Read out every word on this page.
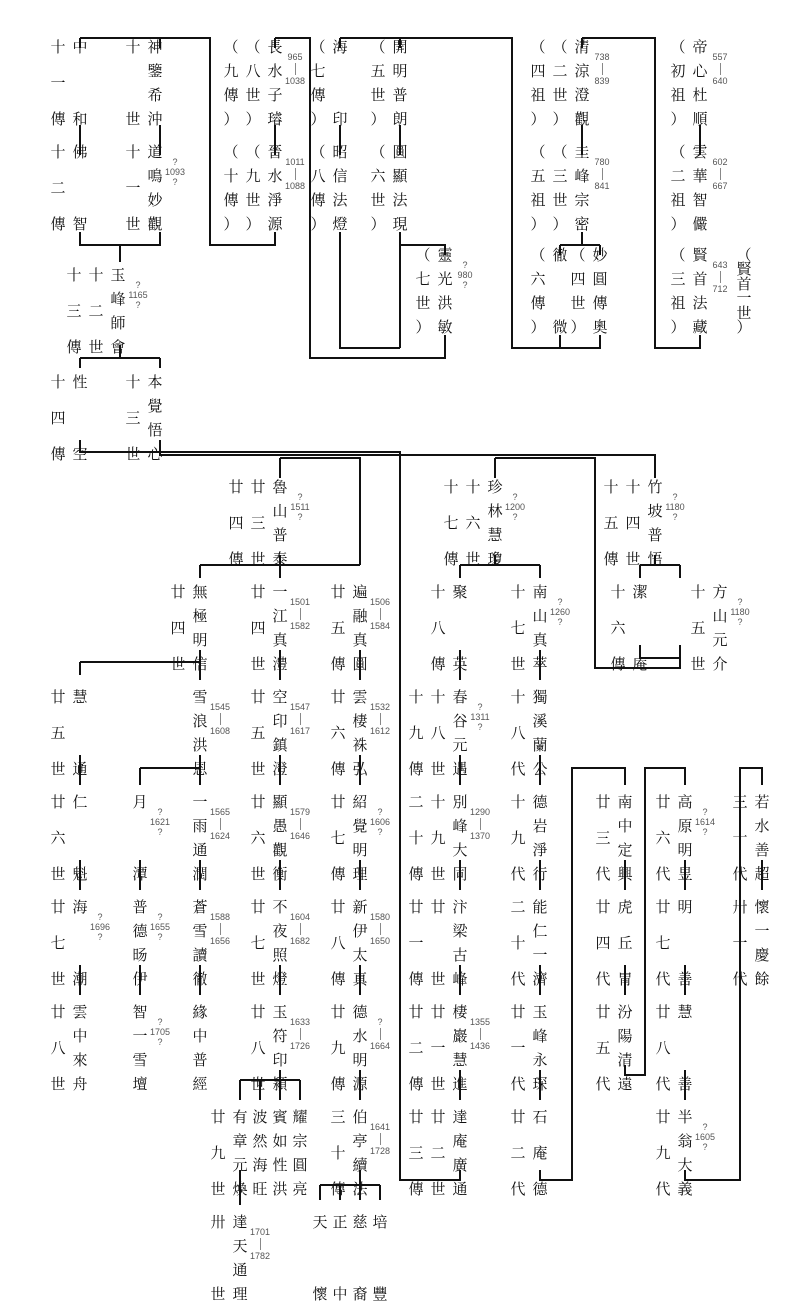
帝
心
杜
順
（
初
祖
）
557
640
雲
華
智
儼
（
二
祖
）
602
667
賢
首
法
藏
（
三
祖
）
643
712
（
賢
首
一
世
）
清
涼
澄
觀
（
二
世
）
（
四
祖
）
738
839
圭
峰
宗
密
（
三
世
）
（
五
祖
）
780
841
妙
圓
傳
奧
（
四
世
）
徹

微
（
六
傳
）
開
明
普
朗
（
五
世
）
圓
顯
法
現
（
六
世
）
靈
光
洪
敏
（
七
世
）
?
980
?
海

印
（
七
傳
）
昭
信
法
燈
（
八
傳
）
長
水
子
璿
（
八
世
）
（
九
傳
）
965
1038
晉
水
淨
源
（
九
世
）
（
十
傳
）
1011
1088
神
鑒
希
沖
十
世
道
鳴
妙
觀
十
一
世
?
1093
?
中
和
十
一
傳
佛
智
十
二
傳
玉
峰
師
會
十
二
世
十
三
傳
?
1165
?
性
空
十
四
傳
本
覺
悟
心
十
三
世
竹
坡
普
悟
十
四
世
十
五
傳
?
1180
?
潔

庵
十
六
傳
方
山
元
介
十
五
世
?
1180
?
珍
林
慧
瓊
十
六
世
十
七
傳
?
1200
?
聚

英
十
八
傳
南
山
真
萃
十
七
世
?
1260
?
春
谷
元
遇
十
八
世
十
九
傳
?
1311
?
別
峰
大
同
十
九
世
二
十
傳
1290
1370
汴
梁
古
峰
廿
世
廿
一
傳
棲
巖
慧
進
廿
一
世
廿
二
傳
1355
1436
達
庵
廣
通
廿
二
世
廿
三
傳
獨
溪
蘭
公
十
八
代
德
岩
淨
行
十
九
代
能
仁
一
濟
二
十
代
玉
峰
永
琛
廿
一
代
石

庵

德
廿
二
代
南
中
定
興
廿
三
代
虎
丘
冑
廿
四
代
汾
陽
清
遠
廿
五
代
高
原
明
昱
廿
六
代
?
1614
?
明

善
廿
七
代
慧

善
廿
八
代
半
翁
大
義
廿
九
代
?
1605
?
若
水
善
超
三
十
代
懷
一
慶
餘
卅
一
代
魯
山
普
泰
廿
三
世
廿
四
傳
?
1511
?
無
極
明
信
廿
四
世
一
江
真
澧
廿
四
世
1501
1582
遍
融
真
圓
廿
五
傳
1506
1584
慧

通
廿
五
世
雪
浪
洪
恩
1545
1608
空
印
鎮
澄
廿
五
世
1547
1617
雲
棲
袾
弘
廿
六
傳
1532
1612
仁

魁
廿
六
世
月

潭
?
1621
?
一
雨
通
潤
1565
1624
顯
愚
觀
衡
廿
六
世
1579
1646
紹
覺
明
理
廿
七
傳
?
1606
?
海

潮
廿
七
世
?
1696
?
普
德
旸
伊
?
1655
?
蒼
雪
讀
徹
1588
1656
不
夜
照
燈
廿
七
世
1604
1682
新
伊
太
真
廿
八
傳
1580
1650
雲
中
來
舟
廿
八
世
智
一
雪
壇
?
1705
?
緣
中
普
經
玉
符
印
潁
廿
八
世
1633
1726
德
水
明
源
廿
九
傳
?
1664
有
章
元
煥
廿
九
世
波
然
海
旺
賓
如
性
洪
耀
宗
圓
亮
伯
亭
續
法
三
十
傳
1641
1728
達
天
通
理
卅
世
1701
1782
天

懷
正

中
慈

裔
培

豐
